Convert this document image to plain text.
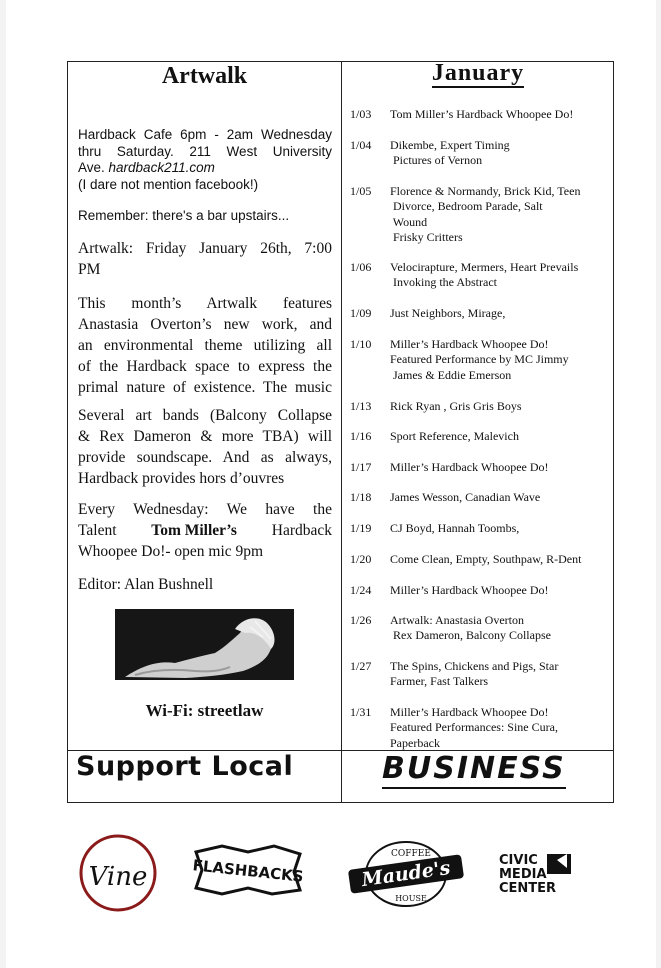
Artwalk
Hardback Cafe 6pm - 2am Wednesday
thru Saturday. 211 West University
Ave. hardback211.com
(I dare not mention facebook!)
Remember: there's a bar upstairs...
Artwalk: Friday January 26th, 7:00
PM
This month’s Artwalk features
Anastasia Overton’s new work, and
an environmental theme utilizing all
of the Hardback space to express the
primal nature of existence. The music
Several art bands (Balcony Collapse
& Rex Dameron & more TBA) will
provide soundscape. And as always,
Hardback provides hors d’ouvres
Every Wednesday: We have the
Talent Tom Miller’s Hardback
Whoopee Do!- open mic 9pm
Editor: Alan Bushnell
Wi-Fi: streetlaw
January
1/03 Tom Miller’s Hardback Whoopee Do!
1/04 Dikembe, Expert Timing
Pictures of Vernon
1/05 Florence & Normandy, Brick Kid, Teen
Divorce, Bedroom Parade, Salt
Wound
Frisky Critters
1/06 Velocirapture, Mermers, Heart Prevails
Invoking the Abstract
1/09 Just Neighbors, Mirage,
1/10 Miller’s Hardback Whoopee Do!
Featured Performance by MC Jimmy
James & Eddie Emerson
1/13 Rick Ryan , Gris Gris Boys
1/16 Sport Reference, Malevich
1/17 Miller’s Hardback Whoopee Do!
1/18 James Wesson, Canadian Wave
1/19 CJ Boyd, Hannah Toombs,
1/20 Come Clean, Empty, Southpaw, R-Dent
1/24 Miller’s Hardback Whoopee Do!
1/26 Artwalk: Anastasia Overton
Rex Dameron, Balcony Collapse
1/27 The Spins, Chickens and Pigs, Star
Farmer, Fast Talkers
1/31 Miller’s Hardback Whoopee Do!
Featured Performances: Sine Cura,
Paperback
Support Local	BUSINESS
Vine	FLASHBACKS
COFFEE
Maude's
HOUSE
CIVIC
MEDIA
CENTER
